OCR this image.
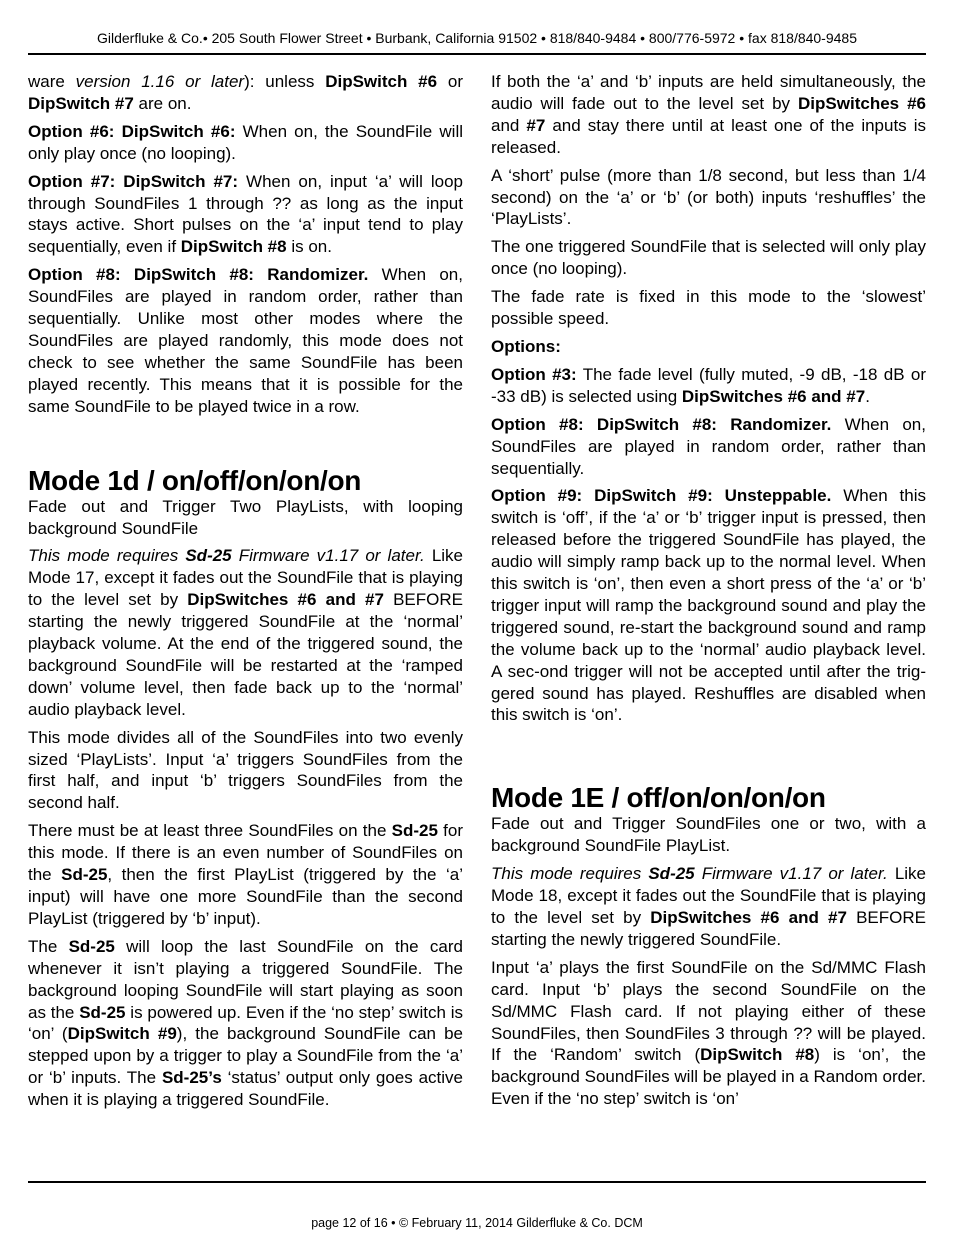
Gilderfluke & Co.• 205 South Flower Street • Burbank, California 91502 • 818/840-9484 • 800/776-5972 • fax 818/840-9485

ware version 1.16 or later): unless DipSwitch #6 or DipSwitch #7 are on.

Option #6: DipSwitch #6: When on, the SoundFile will only play once (no looping).

Option #7: DipSwitch #7: When on, input ‘a’ will loop through SoundFiles 1 through ?? as long as the input stays active. Short pulses on the ‘a’ input tend to play sequentially, even if DipSwitch #8 is on.

Option #8: DipSwitch #8: Randomizer. When on, SoundFiles are played in random order, rather than sequentially. Unlike most other modes where the SoundFiles are played randomly, this mode does not check to see whether the same SoundFile has been played recently. This means that it is possible for the same SoundFile to be played twice in a row.

Mode 1d / on/off/on/on/on

Fade out and Trigger Two PlayLists, with looping background SoundFile

This mode requires Sd-25 Firmware v1.17 or later. Like Mode 17, except it fades out the SoundFile that is playing to the level set by DipSwitches #6 and #7 BEFORE starting the newly triggered SoundFile at the ‘normal’ playback volume. At the end of the triggered sound, the background SoundFile will be restarted at the ‘ramped down’ volume level, then fade back up to the ‘normal’ audio playback level.

This mode divides all of the SoundFiles into two evenly sized ‘PlayLists’. Input ‘a’ triggers SoundFiles from the first half, and input ‘b’ triggers SoundFiles from the second half.

There must be at least three SoundFiles on the Sd-25 for this mode. If there is an even number of SoundFiles on the Sd-25, then the first PlayList (triggered by the ‘a’ input) will have one more SoundFile than the second PlayList (triggered by ‘b’ input).

The Sd-25 will loop the last SoundFile on the card whenever it isn’t playing a triggered SoundFile. The background looping SoundFile will start playing as soon as the Sd-25 is powered up. Even if the ‘no step’ switch is ‘on’ (DipSwitch #9), the background SoundFile can be stepped upon by a trigger to play a SoundFile from the ‘a’ or ‘b’ inputs. The Sd-25’s ‘status’ output only goes active when it is playing a triggered SoundFile.

If both the ‘a’ and ‘b’ inputs are held simultaneously, the audio will fade out to the level set by DipSwitches #6 and #7 and stay there until at least one of the inputs is released.

A ‘short’ pulse (more than 1/8 second, but less than 1/4 second) on the ‘a’ or ‘b’ (or both) inputs ‘reshuffles’ the ‘PlayLists’.

The one triggered SoundFile that is selected will only play once (no looping).

The fade rate is fixed in this mode to the ‘slowest’ possible speed.

Options:

Option #3: The fade level (fully muted, -9 dB, -18 dB or -33 dB) is selected using DipSwitches #6 and #7.

Option #8: DipSwitch #8: Randomizer. When on, SoundFiles are played in random order, rather than sequentially.

Option #9: DipSwitch #9: Unsteppable. When this switch is ‘off’, if the ‘a’ or ‘b’ trigger input is pressed, then released before the triggered SoundFile has played, the audio will simply ramp back up to the normal level. When this switch is ‘on’, then even a short press of the ‘a’ or ‘b’ trigger input will ramp the background sound and play the triggered sound, re-start the background sound and ramp the volume back up to the ‘normal’ audio playback level. A sec-ond trigger will not be accepted until after the trig-gered sound has played. Reshuffles are disabled when this switch is ‘on’.

Mode 1E / off/on/on/on/on

Fade out and Trigger SoundFiles one or two, with a background SoundFile PlayList.

This mode requires Sd-25 Firmware v1.17 or later. Like Mode 18, except it fades out the SoundFile that is playing to the level set by DipSwitches #6 and #7 BEFORE starting the newly triggered SoundFile.

Input ‘a’ plays the first SoundFile on the Sd/MMC Flash card. Input ‘b’ plays the second SoundFile on the Sd/MMC Flash card. If not playing either of these SoundFiles, then SoundFiles 3 through ?? will be played. If the ‘Random’ switch (DipSwitch #8) is ‘on’, the background SoundFiles will be played in a Random order. Even if the ‘no step’ switch is ‘on’

page 12 of 16 • © February 11, 2014 Gilderfluke & Co. DCM
